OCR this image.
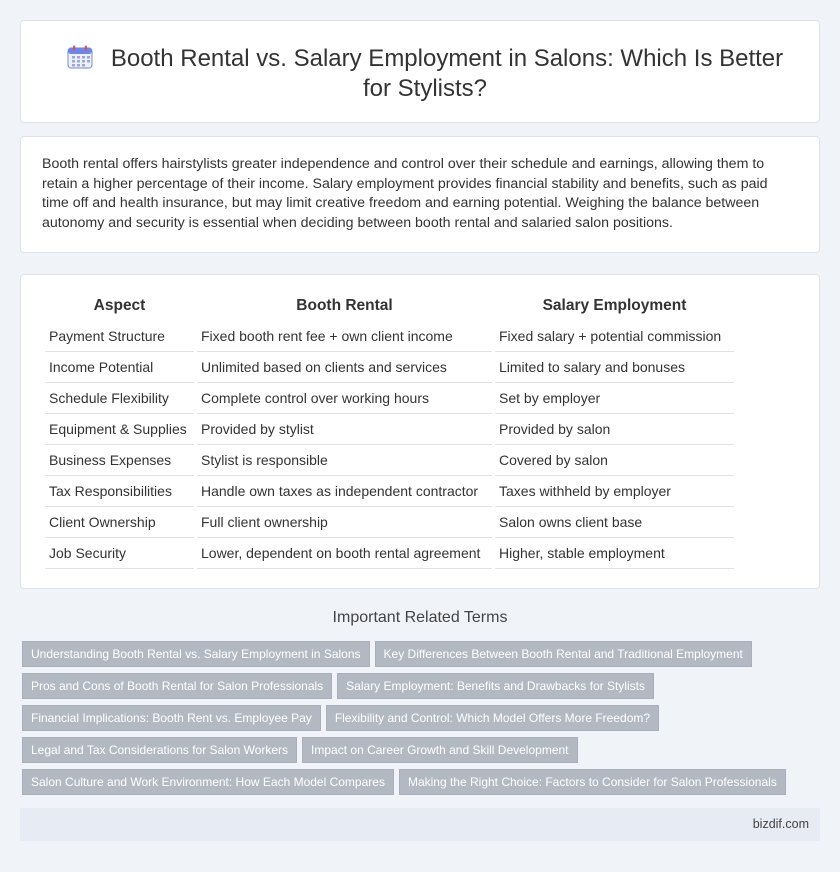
Booth Rental vs. Salary Employment in Salons: Which Is Better for Stylists?

Booth rental offers hairstylists greater independence and control over their schedule and earnings, allowing them to retain a higher percentage of their income. Salary employment provides financial stability and benefits, such as paid time off and health insurance, but may limit creative freedom and earning potential. Weighing the balance between autonomy and security is essential when deciding between booth rental and salaried salon positions.

Aspect	Booth Rental	Salary Employment
Payment Structure	Fixed booth rent fee + own client income	Fixed salary + potential commission
Income Potential	Unlimited based on clients and services	Limited to salary and bonuses
Schedule Flexibility	Complete control over working hours	Set by employer
Equipment & Supplies	Provided by stylist	Provided by salon
Business Expenses	Stylist is responsible	Covered by salon
Tax Responsibilities	Handle own taxes as independent contractor	Taxes withheld by employer
Client Ownership	Full client ownership	Salon owns client base
Job Security	Lower, dependent on booth rental agreement	Higher, stable employment
Important Related Terms
Understanding Booth Rental vs. Salary Employment in Salons Key Differences Between Booth Rental and Traditional Employment
Pros and Cons of Booth Rental for Salon Professionals Salary Employment: Benefits and Drawbacks for Stylists
Financial Implications: Booth Rent vs. Employee Pay Flexibility and Control: Which Model Offers More Freedom?
Legal and Tax Considerations for Salon Workers Impact on Career Growth and Skill Development
Salon Culture and Work Environment: How Each Model Compares Making the Right Choice: Factors to Consider for Salon Professionals
bizdif.com
